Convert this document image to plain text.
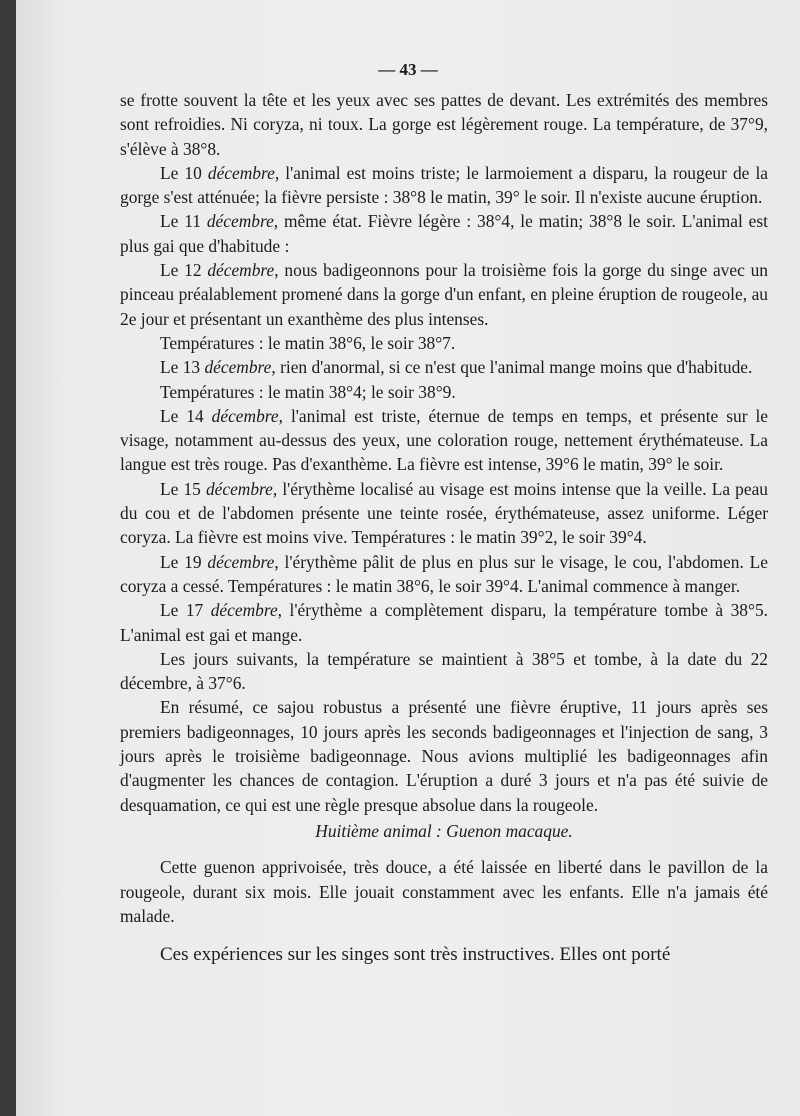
— 43 —

se frotte souvent la tête et les yeux avec ses pattes de devant. Les extrémités des membres sont refroidies. Ni coryza, ni toux. La gorge est légèrement rouge. La température, de 37°9, s'élève à 38°8.

Le 10 décembre, l'animal est moins triste; le larmoiement a disparu, la rougeur de la gorge s'est atténuée; la fièvre persiste : 38°8 le matin, 39° le soir. Il n'existe aucune éruption.

Le 11 décembre, même état. Fièvre légère : 38°4, le matin; 38°8 le soir. L'animal est plus gai que d'habitude :

Le 12 décembre, nous badigeonnons pour la troisième fois la gorge du singe avec un pinceau préalablement promené dans la gorge d'un enfant, en pleine éruption de rougeole, au 2e jour et présentant un exanthème des plus intenses.

Températures : le matin 38°6, le soir 38°7.

Le 13 décembre, rien d'anormal, si ce n'est que l'animal mange moins que d'habitude.

Températures : le matin 38°4; le soir 38°9.

Le 14 décembre, l'animal est triste, éternue de temps en temps, et présente sur le visage, notamment au-dessus des yeux, une coloration rouge, nettement érythémateuse. La langue est très rouge. Pas d'exanthème. La fièvre est intense, 39°6 le matin, 39° le soir.

Le 15 décembre, l'érythème localisé au visage est moins intense que la veille. La peau du cou et de l'abdomen présente une teinte rosée, érythémateuse, assez uniforme. Léger coryza. La fièvre est moins vive. Températures : le matin 39°2, le soir 39°4.

Le 19 décembre, l'érythème pâlit de plus en plus sur le visage, le cou, l'abdomen. Le coryza a cessé. Températures : le matin 38°6, le soir 39°4. L'animal commence à manger.

Le 17 décembre, l'érythème a complètement disparu, la température tombe à 38°5. L'animal est gai et mange.

Les jours suivants, la température se maintient à 38°5 et tombe, à la date du 22 décembre, à 37°6.

En résumé, ce sajou robustus a présenté une fièvre éruptive, 11 jours après ses premiers badigeonnages, 10 jours après les seconds badigeonnages et l'injection de sang, 3 jours après le troisième badigeonnage. Nous avions multiplié les badigeonnages afin d'augmenter les chances de contagion. L'éruption a duré 3 jours et n'a pas été suivie de desquamation, ce qui est une règle presque absolue dans la rougeole.

Huitième animal : Guenon macaque.

Cette guenon apprivoisée, très douce, a été laissée en liberté dans le pavillon de la rougeole, durant six mois. Elle jouait constamment avec les enfants. Elle n'a jamais été malade.

Ces expériences sur les singes sont très instructives. Elles ont porté
